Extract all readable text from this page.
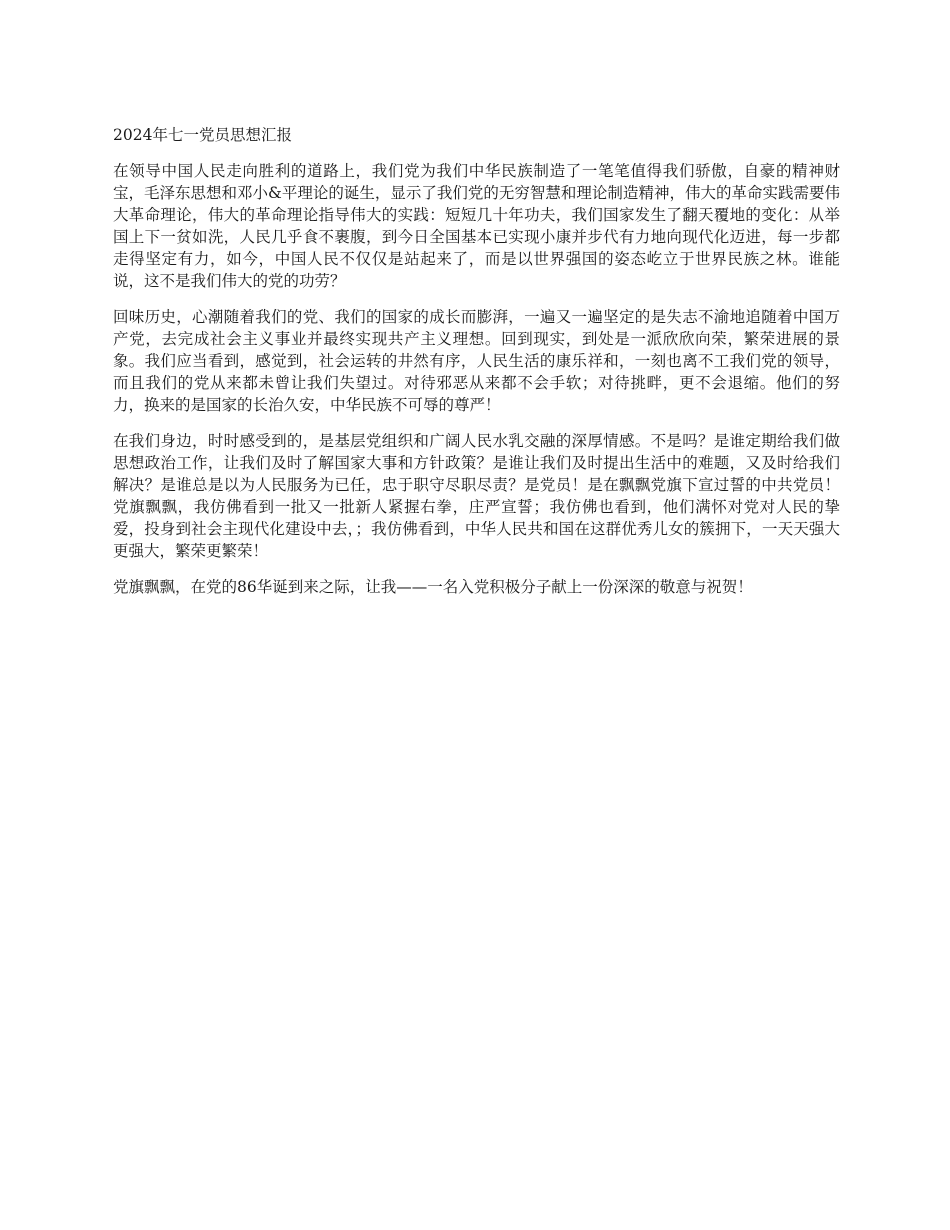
2024年七一党员思想汇报

在领导中国人民走向胜利的道路上，我们党为我们中华民族制造了一笔笔值得我们骄傲，自豪的精神财宝，毛泽东思想和邓小&平理论的诞生，显示了我们党的无穷智慧和理论制造精神，伟大的革命实践需要伟大革命理论，伟大的革命理论指导伟大的实践：短短几十年功夫，我们国家发生了翻天覆地的变化：从举国上下一贫如洗，人民几乎食不裹腹，到今日全国基本已实现小康并步代有力地向现代化迈进，每一步都走得坚定有力，如今，中国人民不仅仅是站起来了，而是以世界强国的姿态屹立于世界民族之林。谁能说，这不是我们伟大的党的功劳？

回味历史，心潮随着我们的党、我们的国家的成长而膨湃，一遍又一遍坚定的是失志不渝地追随着中国万产党，去完成社会主义事业并最终实现共产主义理想。回到现实，到处是一派欣欣向荣，繁荣进展的景象。我们应当看到，感觉到，社会运转的井然有序，人民生活的康乐祥和，一刻也离不工我们党的领导，而且我们的党从来都未曾让我们失望过。对待邪恶从来都不会手软；对待挑畔，更不会退缩。他们的努力，换来的是国家的长治久安，中华民族不可辱的尊严！

在我们身边，时时感受到的，是基层党组织和广阔人民水乳交融的深厚情感。不是吗？是谁定期给我们做思想政治工作，让我们及时了解国家大事和方针政策？是谁让我们及时提出生活中的难题，又及时给我们解决？是谁总是以为人民服务为已任，忠于职守尽职尽责？是党员！是在飘飘党旗下宣过誓的中共党员！ 党旗飘飘，我仿佛看到一批又一批新人紧握右拳，庄严宣誓；我仿佛也看到，他们满怀对党对人民的挚爱，投身到社会主现代化建设中去，；我仿佛看到，中华人民共和国在这群优秀儿女的簇拥下，一天天强大更强大，繁荣更繁荣！

党旗飘飘，在党的86华诞到来之际，让我——一名入党积极分子献上一份深深的敬意与祝贺！
